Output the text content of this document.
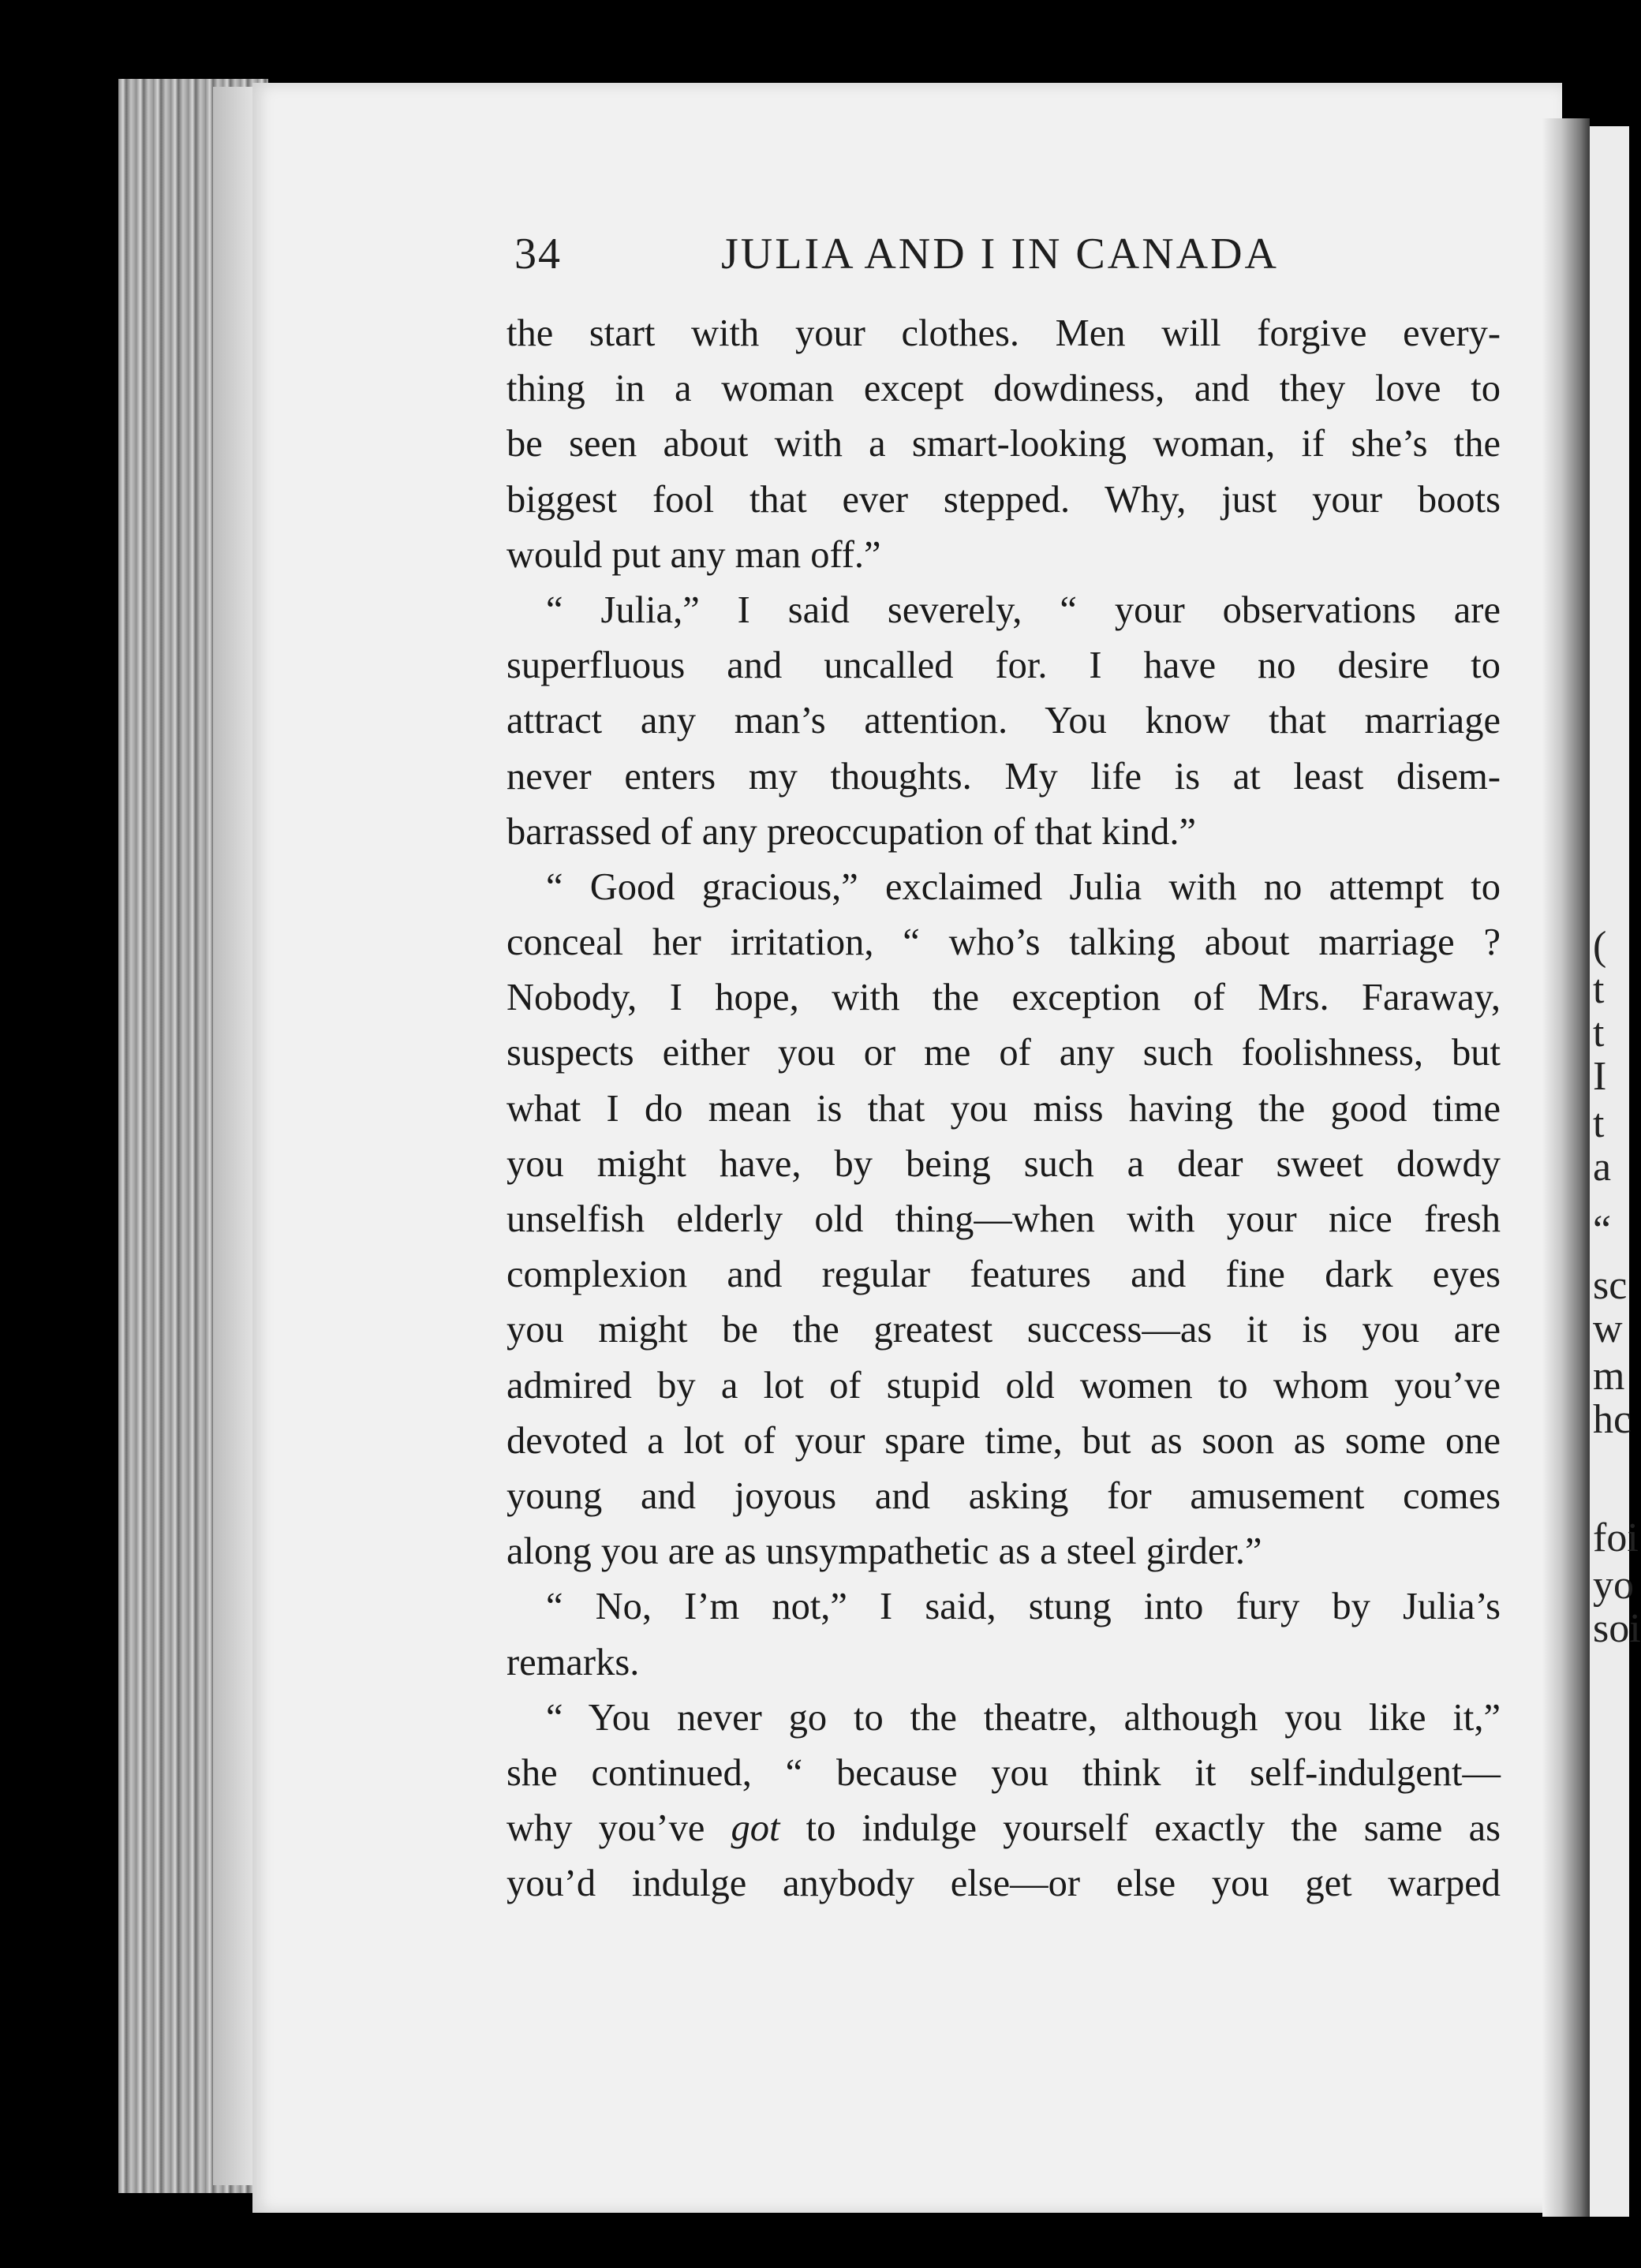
(
t
t
I
t
a
“
sc
w
m
hc
foi
yo
soi
34	JULIA AND I IN CANADA
the start with your clothes. Men will forgive every-
thing in a woman except dowdiness, and they love to
be seen about with a smart-looking woman, if she’s the
biggest fool that ever stepped. Why, just your boots
would put any man off.”
“ Julia,” I said severely, “ your observations are
superfluous and uncalled for. I have no desire to
attract any man’s attention. You know that marriage
never enters my thoughts. My life is at least disem-
barrassed of any preoccupation of that kind.”
“ Good gracious,” exclaimed Julia with no attempt to
conceal her irritation, “ who’s talking about marriage ?
Nobody, I hope, with the exception of Mrs. Faraway,
suspects either you or me of any such foolishness, but
what I do mean is that you miss having the good time
you might have, by being such a dear sweet dowdy
unselfish elderly old thing—when with your nice fresh
complexion and regular features and fine dark eyes
you might be the greatest success—as it is you are
admired by a lot of stupid old women to whom you’ve
devoted a lot of your spare time, but as soon as some one
young and joyous and asking for amusement comes
along you are as unsympathetic as a steel girder.”
“ No, I’m not,” I said, stung into fury by Julia’s
remarks.
“ You never go to the theatre, although you like it,”
she continued, “ because you think it self-indulgent—
why you’ve got to indulge yourself exactly the same as
you’d indulge anybody else—or else you get warped
